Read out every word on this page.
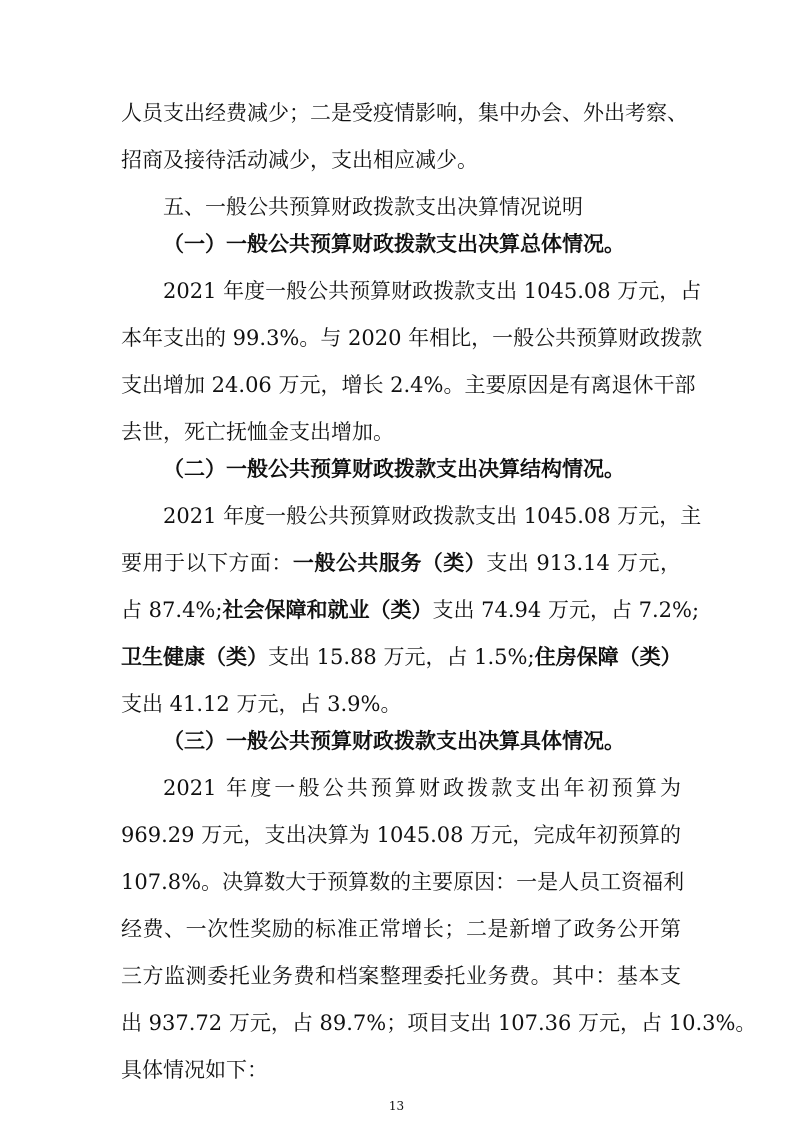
人员支出经费减少；二是受疫情影响，集中办会、外出考察、
招商及接待活动减少，支出相应减少。
五、一般公共预算财政拨款支出决算情况说明
（一）一般公共预算财政拨款支出决算总体情况。
2021 年度一般公共预算财政拨款支出 1045.08 万元，占
本年支出的 99.3%。与 2020 年相比，一般公共预算财政拨款
支出增加 24.06 万元，增长 2.4%。主要原因是有离退休干部
去世，死亡抚恤金支出增加。
（二）一般公共预算财政拨款支出决算结构情况。
2021 年度一般公共预算财政拨款支出 1045.08 万元，主
要用于以下方面：一般公共服务（类）支出 913.14 万元，
占 87.4%;社会保障和就业（类）支出 74.94 万元，占 7.2%;
卫生健康（类）支出 15.88 万元，占 1.5%;住房保障（类）
支出 41.12 万元，占 3.9%。
（三）一般公共预算财政拨款支出决算具体情况。
2021 年度一般公共预算财政拨款支出年初预算为
969.29 万元，支出决算为 1045.08 万元，完成年初预算的
107.8%。决算数大于预算数的主要原因：一是人员工资福利
经费、一次性奖励的标准正常增长；二是新增了政务公开第
三方监测委托业务费和档案整理委托业务费。其中：基本支
出 937.72 万元，占 89.7%；项目支出 107.36 万元，占 10.3%。
具体情况如下：
13
